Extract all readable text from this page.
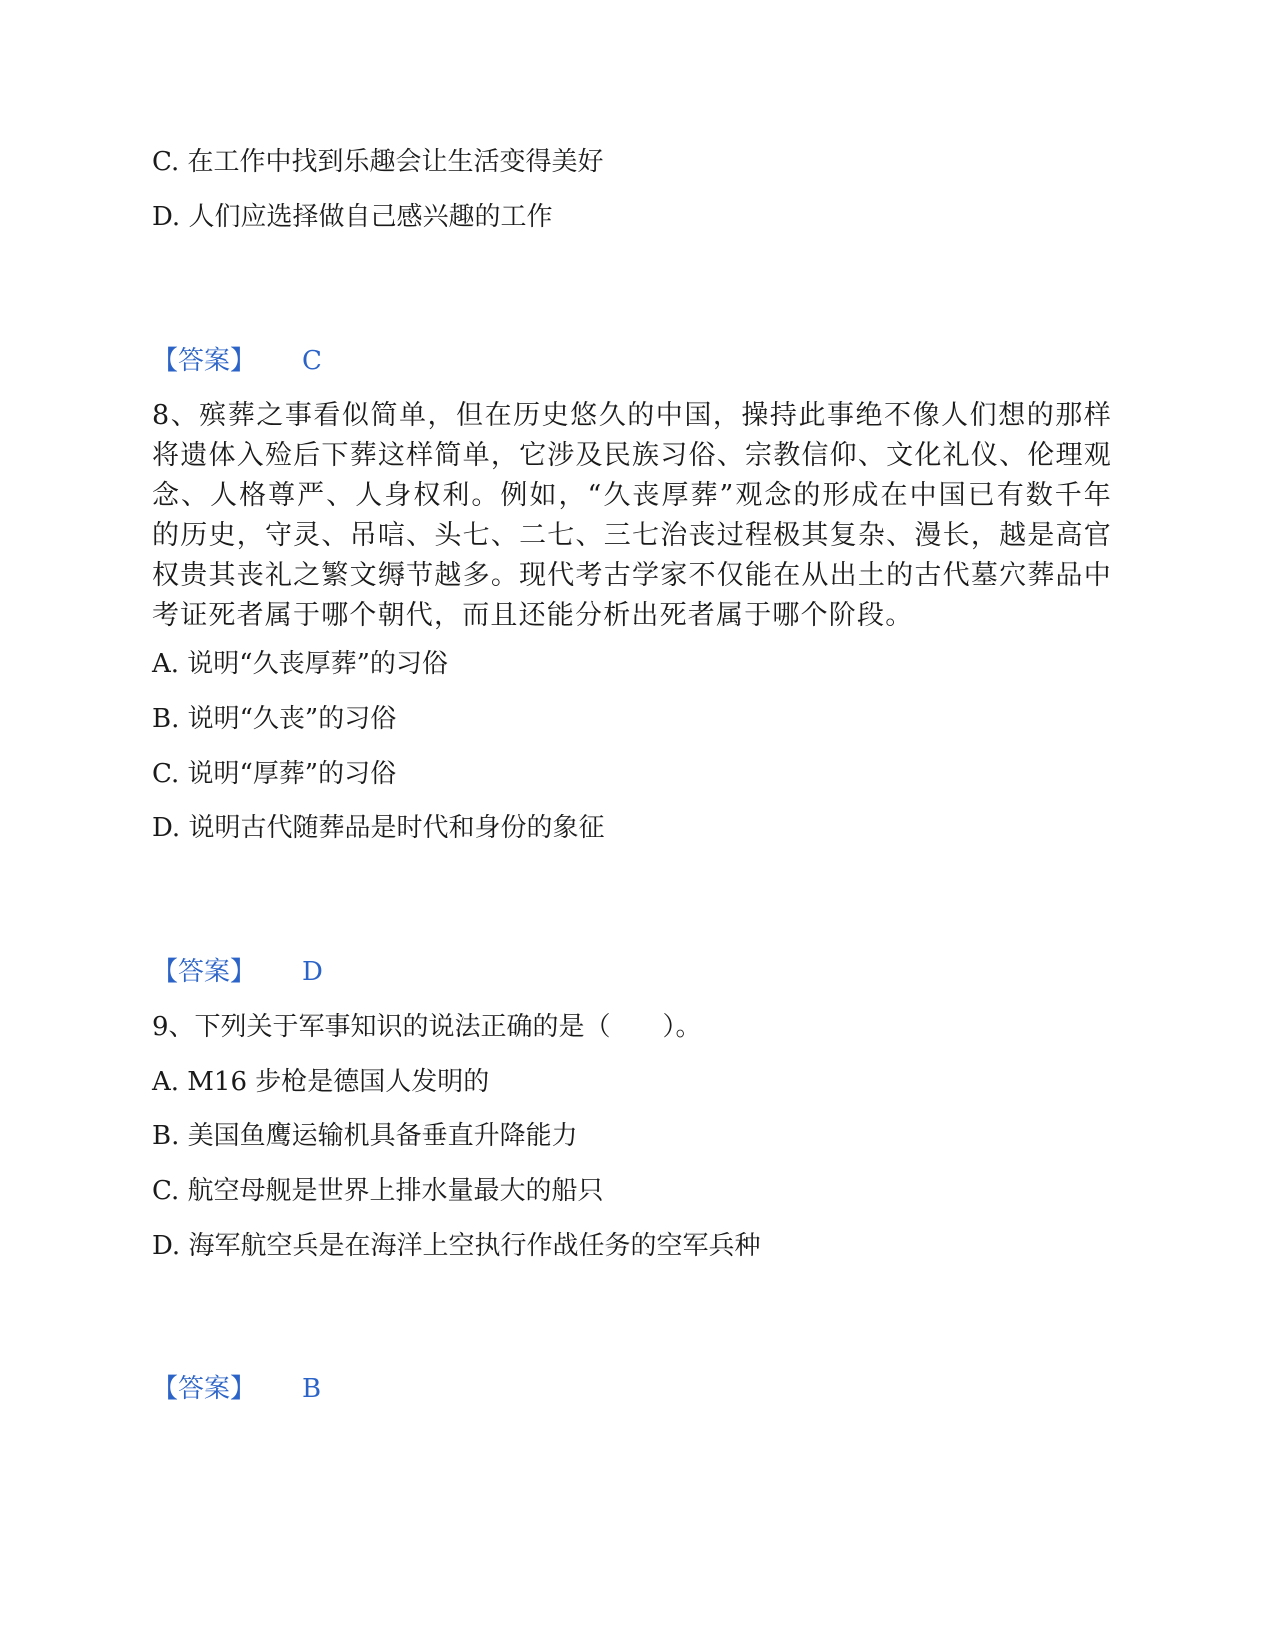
C. 在工作中找到乐趣会让生活变得美好
D. 人们应选择做自己感兴趣的工作
【答案】 C
8、殡葬之事看似简单，但在历史悠久的中国，操持此事绝不像人们想的那样将遗体入殓后下葬这样简单，它涉及民族习俗、宗教信仰、文化礼仪、伦理观念、人格尊严、人身权利。例如，“久丧厚葬”观念的形成在中国已有数千年的历史，守灵、吊唁、头七、二七、三七治丧过程极其复杂、漫长，越是高官权贵其丧礼之繁文缛节越多。现代考古学家不仅能在从出土的古代墓穴葬品中考证死者属于哪个朝代，而且还能分析出死者属于哪个阶段。
A. 说明“久丧厚葬”的习俗
B. 说明“久丧”的习俗
C. 说明“厚葬”的习俗
D. 说明古代随葬品是时代和身份的象征
【答案】 D
9、下列关于军事知识的说法正确的是（　　）。
A. M16 步枪是德国人发明的
B. 美国鱼鹰运输机具备垂直升降能力
C. 航空母舰是世界上排水量最大的船只
D. 海军航空兵是在海洋上空执行作战任务的空军兵种
【答案】 B
